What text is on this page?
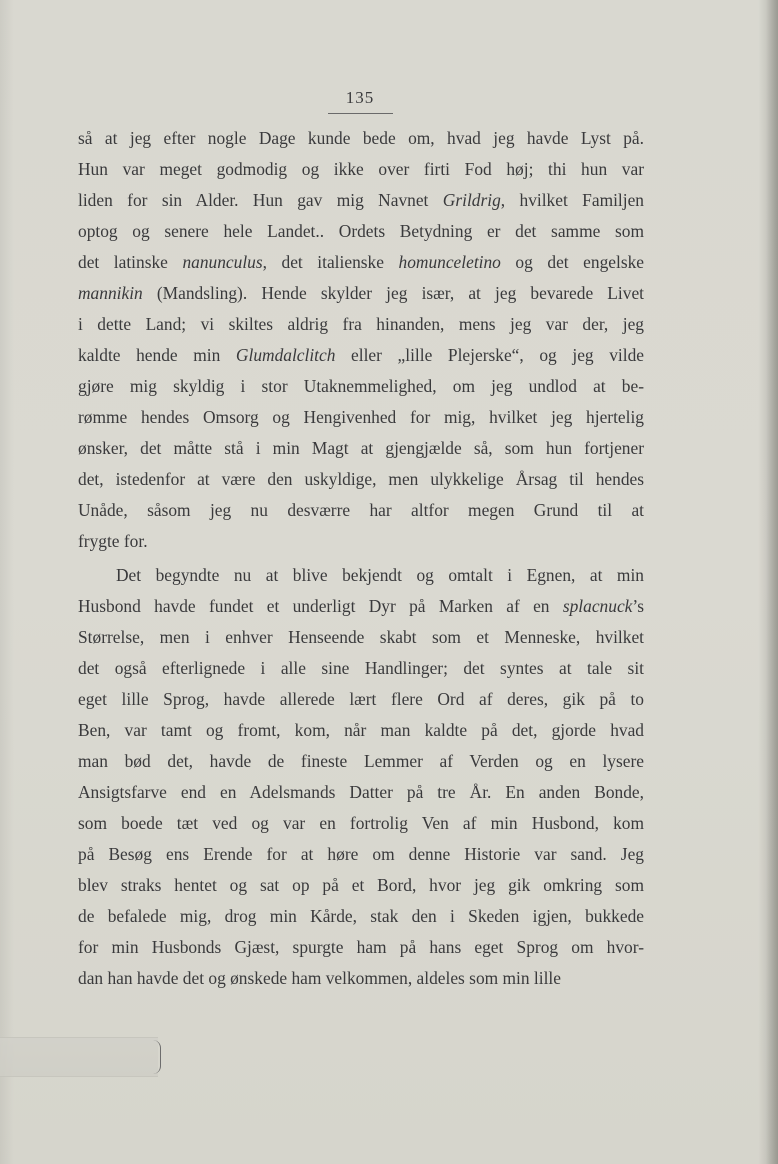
135
så at jeg efter nogle Dage kunde bede om, hvad jeg havde Lyst på.
Hun var meget godmodig og ikke over firti Fod høj; thi hun var
liden for sin Alder. Hun gav mig Navnet Grildrig, hvilket Familjen
optog og senere hele Landet.. Ordets Betydning er det samme som
det latinske nanunculus, det italienske homunceletino og det engelske
mannikin (Mandsling). Hende skylder jeg især, at jeg bevarede Livet
i dette Land; vi skiltes aldrig fra hinanden, mens jeg var der, jeg
kaldte hende min Glumdalclitch eller „lille Plejerske“, og jeg vilde
gjøre mig skyldig i stor Utaknemmelighed, om jeg undlod at be-
rømme hendes Omsorg og Hengivenhed for mig, hvilket jeg hjertelig
ønsker, det måtte stå i min Magt at gjengjælde så, som hun fortjener
det, istedenfor at være den uskyldige, men ulykkelige Årsag til hendes
Unåde, såsom jeg nu desværre har altfor megen Grund til at
frygte for.
Det begyndte nu at blive bekjendt og omtalt i Egnen, at min
Husbond havde fundet et underligt Dyr på Marken af en splacnuck’s
Størrelse, men i enhver Henseende skabt som et Menneske, hvilket
det også efterlignede i alle sine Handlinger; det syntes at tale sit
eget lille Sprog, havde allerede lært flere Ord af deres, gik på to
Ben, var tamt og fromt, kom, når man kaldte på det, gjorde hvad
man bød det, havde de fineste Lemmer af Verden og en lysere
Ansigtsfarve end en Adelsmands Datter på tre År. En anden Bonde,
som boede tæt ved og var en fortrolig Ven af min Husbond, kom
på Besøg ens Erende for at høre om denne Historie var sand. Jeg
blev straks hentet og sat op på et Bord, hvor jeg gik omkring som
de befalede mig, drog min Kårde, stak den i Skeden igjen, bukkede
for min Husbonds Gjæst, spurgte ham på hans eget Sprog om hvor-
dan han havde det og ønskede ham velkommen, aldeles som min lille
